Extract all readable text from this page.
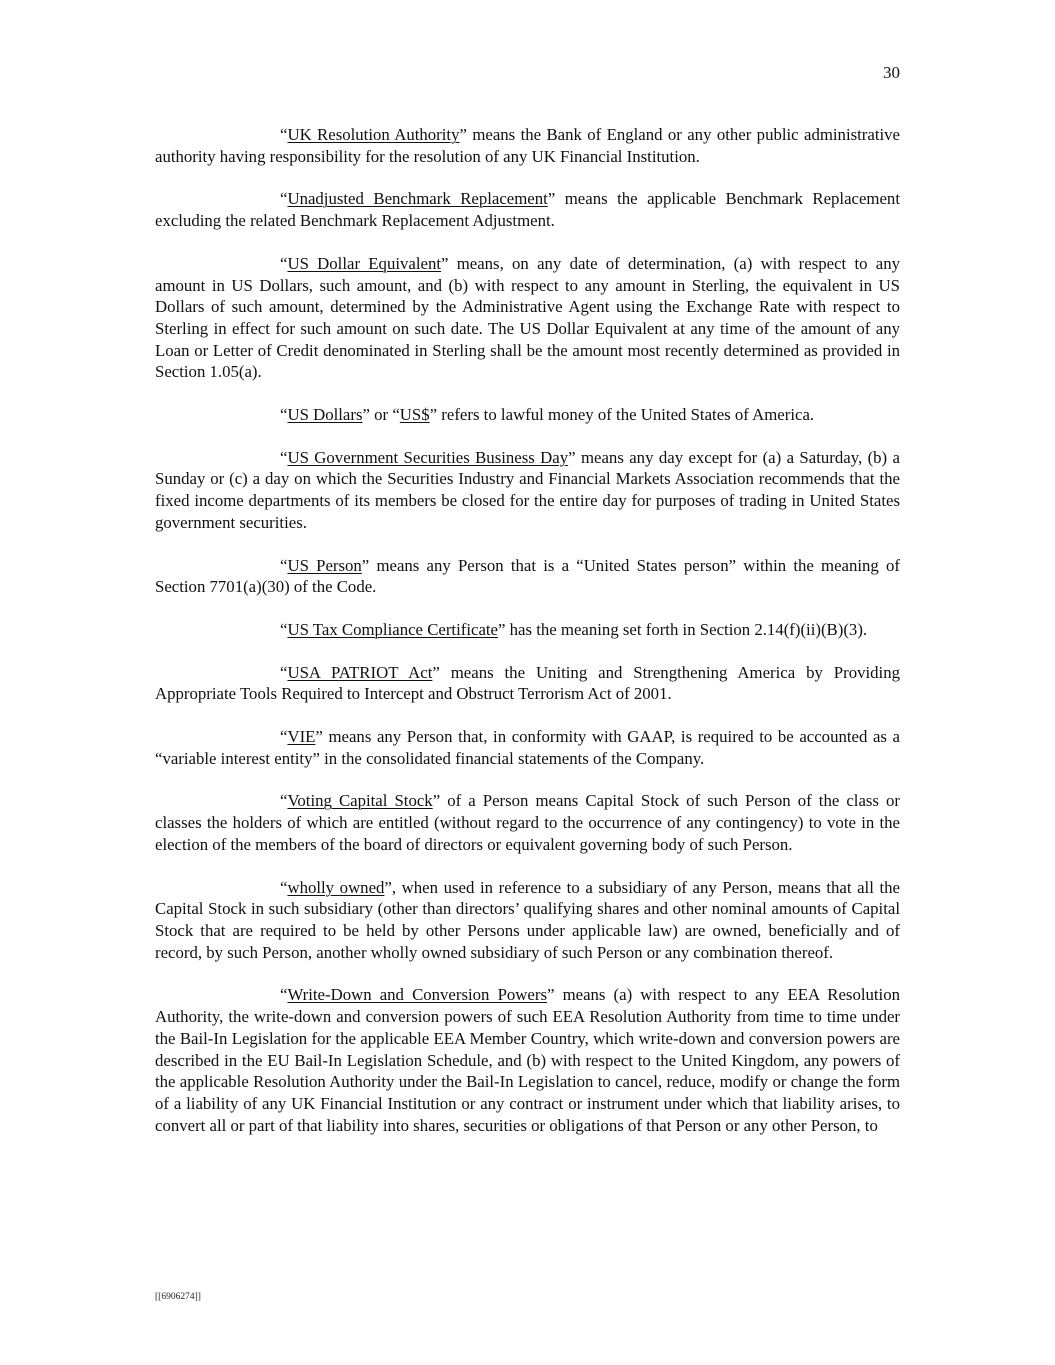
30

“UK Resolution Authority” means the Bank of England or any other public administrative authority having responsibility for the resolution of any UK Financial Institution.

“Unadjusted Benchmark Replacement” means the applicable Benchmark Replacement excluding the related Benchmark Replacement Adjustment.

“US Dollar Equivalent” means, on any date of determination, (a) with respect to any amount in US Dollars, such amount, and (b) with respect to any amount in Sterling, the equivalent in US Dollars of such amount, determined by the Administrative Agent using the Exchange Rate with respect to Sterling in effect for such amount on such date. The US Dollar Equivalent at any time of the amount of any Loan or Letter of Credit denominated in Sterling shall be the amount most recently determined as provided in Section 1.05(a).

“US Dollars” or “US$” refers to lawful money of the United States of America.

“US Government Securities Business Day” means any day except for (a) a Saturday, (b) a Sunday or (c) a day on which the Securities Industry and Financial Markets Association recommends that the fixed income departments of its members be closed for the entire day for purposes of trading in United States government securities.

“US Person” means any Person that is a “United States person” within the meaning of Section 7701(a)(30) of the Code.

“US Tax Compliance Certificate” has the meaning set forth in Section 2.14(f)(ii)(B)(3).

“USA PATRIOT Act” means the Uniting and Strengthening America by Providing Appropriate Tools Required to Intercept and Obstruct Terrorism Act of 2001.

“VIE” means any Person that, in conformity with GAAP, is required to be accounted as a “variable interest entity” in the consolidated financial statements of the Company.

“Voting Capital Stock” of a Person means Capital Stock of such Person of the class or classes the holders of which are entitled (without regard to the occurrence of any contingency) to vote in the election of the members of the board of directors or equivalent governing body of such Person.

“wholly owned”, when used in reference to a subsidiary of any Person, means that all the Capital Stock in such subsidiary (other than directors’ qualifying shares and other nominal amounts of Capital Stock that are required to be held by other Persons under applicable law) are owned, beneficially and of record, by such Person, another wholly owned subsidiary of such Person or any combination thereof.

“Write-Down and Conversion Powers” means (a) with respect to any EEA Resolution Authority, the write-down and conversion powers of such EEA Resolution Authority from time to time under the Bail-In Legislation for the applicable EEA Member Country, which write-down and conversion powers are described in the EU Bail-In Legislation Schedule, and (b) with respect to the United Kingdom, any powers of the applicable Resolution Authority under the Bail-In Legislation to cancel, reduce, modify or change the form of a liability of any UK Financial Institution or any contract or instrument under which that liability arises, to convert all or part of that liability into shares, securities or obligations of that Person or any other Person, to

[[6906274]]
